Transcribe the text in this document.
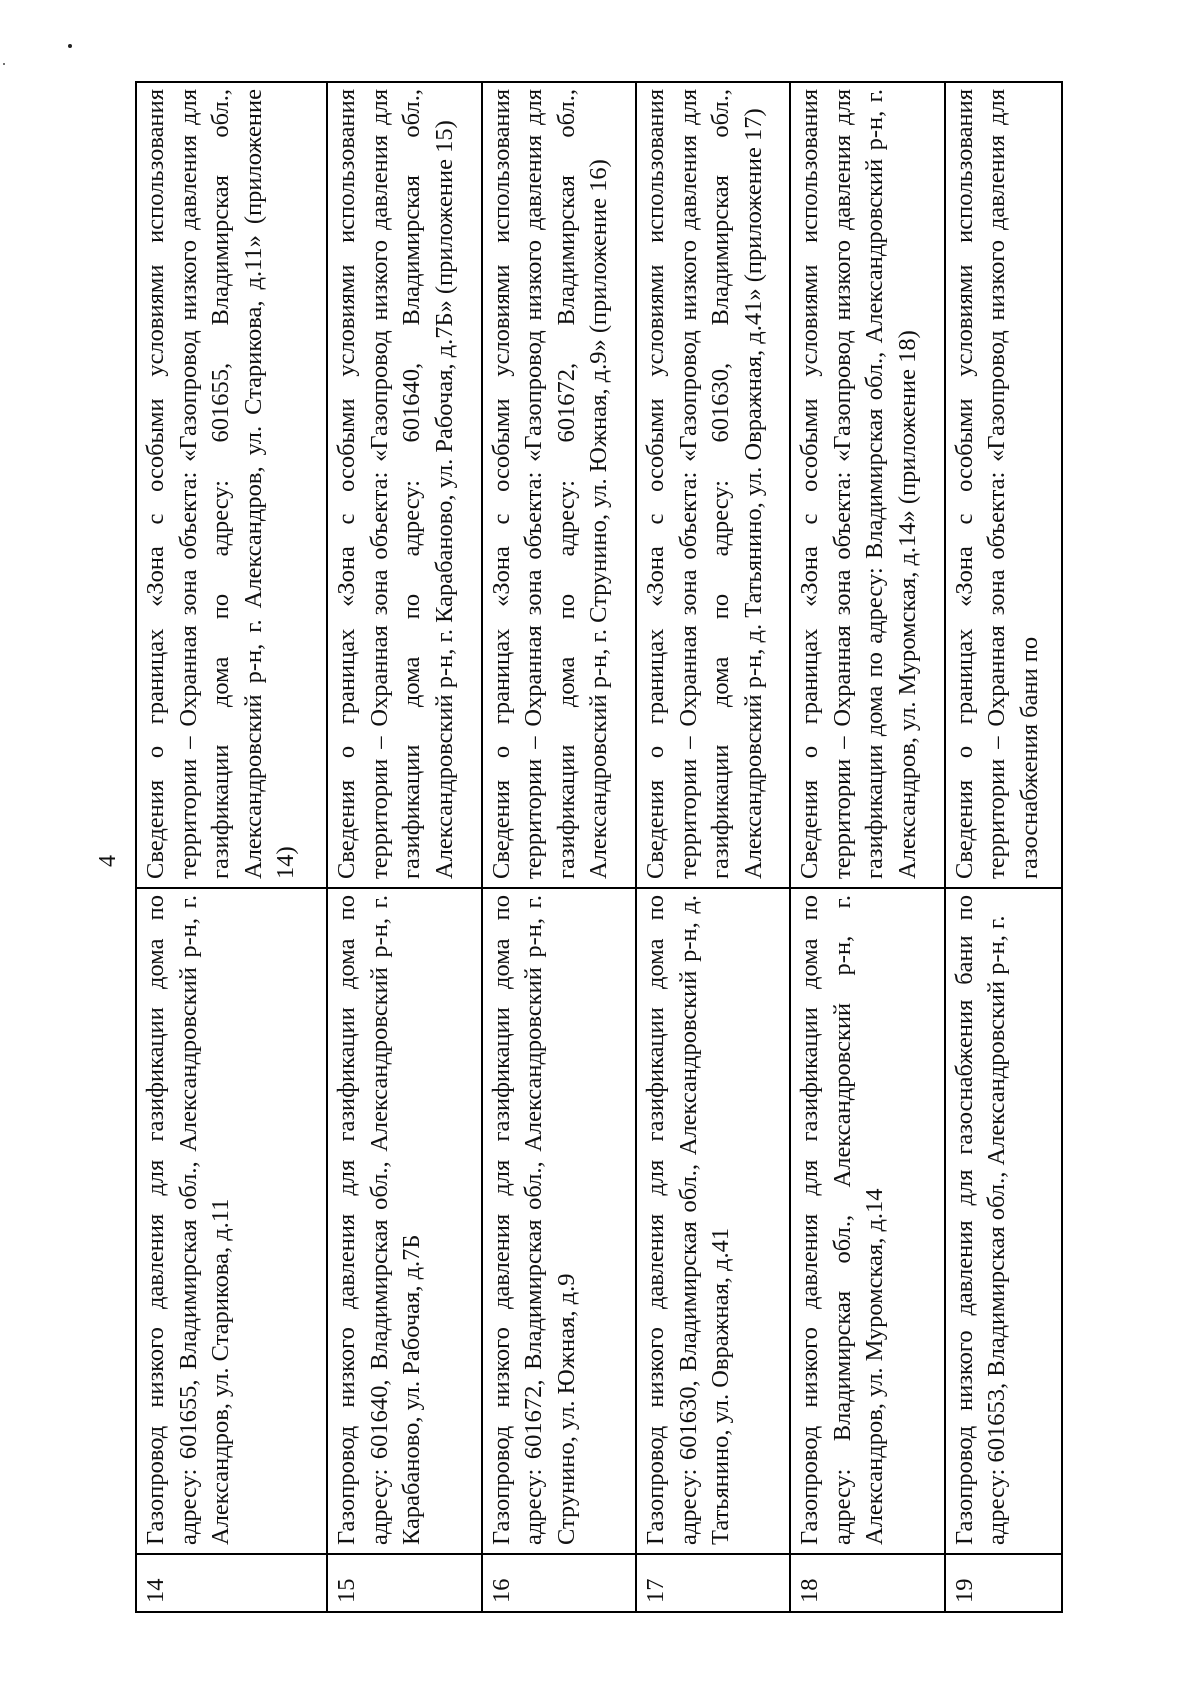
4
14	Газопровод низкого давления для газификации дома по адресу: 601655, Владимирская обл., Александровский р-н, г. Александров, ул. Старикова, д.11	Сведения о границах «Зона с особыми условиями использования территории – Охранная зона объекта: «Газопровод низкого давления для газификации дома по адресу: 601655, Владимирская обл., Александровский р-н, г. Александров, ул. Старикова, д.11» (приложение 14)
15	Газопровод низкого давления для газификации дома по адресу: 601640, Владимирская обл., Александровский р-н, г. Карабаново, ул. Рабочая, д.7Б	Сведения о границах «Зона с особыми условиями использования территории – Охранная зона объекта: «Газопровод низкого давления для газификации дома по адресу: 601640, Владимирская обл., Александровский р-н, г. Карабаново, ул. Рабочая, д.7Б» (приложение 15)
16	Газопровод низкого давления для газификации дома по адресу: 601672, Владимирская обл., Александровский р-н, г. Струнино, ул. Южная, д.9	Сведения о границах «Зона с особыми условиями использования территории – Охранная зона объекта: «Газопровод низкого давления для газификации дома по адресу: 601672, Владимирская обл., Александровский р-н, г. Струнино, ул. Южная, д.9» (приложение 16)
17	Газопровод низкого давления для газификации дома по адресу: 601630, Владимирская обл., Александровский р-н, д. Татьянино, ул. Овражная, д.41	Сведения о границах «Зона с особыми условиями использования территории – Охранная зона объекта: «Газопровод низкого давления для газификации дома по адресу: 601630, Владимирская обл., Александровский р-н, д. Татьянино, ул. Овражная, д.41» (приложение 17)
18	Газопровод низкого давления для газификации дома по адресу: Владимирская обл., Александровский р-н, г. Александров, ул. Муромская, д.14	Сведения о границах «Зона с особыми условиями использования территории – Охранная зона объекта: «Газопровод низкого давления для газификации дома по адресу: Владимирская обл., Александровский р-н, г. Александров, ул. Муромская, д.14» (приложение 18)
19	Газопровод низкого давления для газоснабжения бани по адресу: 601653, Владимирская обл., Александровский р-н, г.	Сведения о границах «Зона с особыми условиями использования территории – Охранная зона объекта: «Газопровод низкого давления для газоснабжения бани по
